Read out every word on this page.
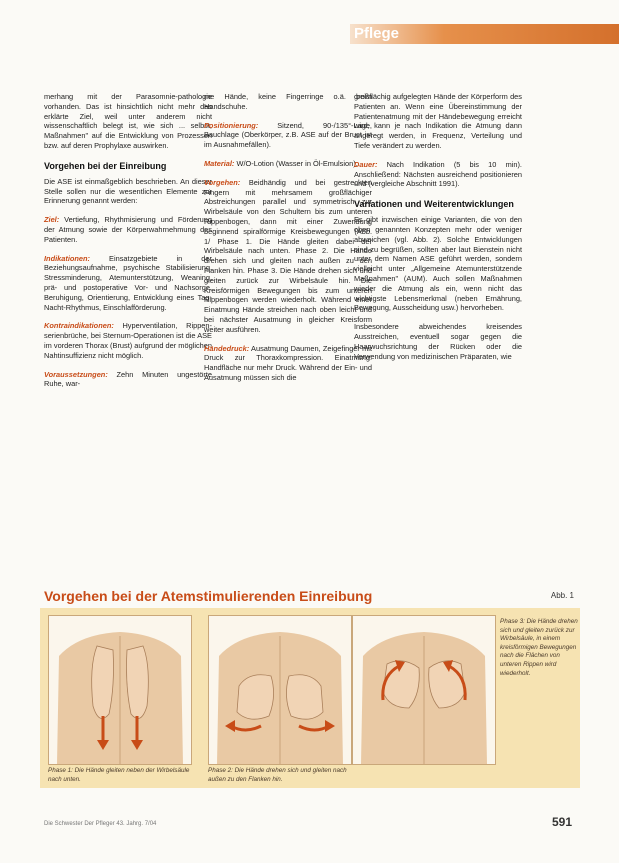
Pflege

merhang mit der Parasomnie-pathologie vorhanden. Das ist hinsichtlich nicht mehr das erklärte Ziel, weil unter anderem nicht wissenschaftlich belegt ist, wie sich ... selbst, Maßnahmen" auf die Entwicklung von Prozessen bzw. auf deren Prophylaxe auswirken.

Vorgehen bei der Einreibung

Die ASE ist einmaßgeblich beschrieben. An dieser Stelle sollen nur die wesentlichen Elemente zur Erinnerung genannt werden:

Ziel: Vertiefung, Rhythmisierung und Förderung der Atmung sowie der Körperwahrnehmung des Patienten.

Indikationen:	Einsatzgebiete in der Beziehungsaufnahme, psychische Stabilisierung, Stressminderung, Atemunterstützung, Weaning, prä- und postoperative Vor- und Nachsorge, Beruhigung, Orientierung, Entwicklung eines Tag-Nacht-Rhythmus, Einschlafförderung.

Kontraindikationen: Hyperventilation, Rippen-serienbrüche, bei Sternum-Operationen ist die ASE im vorderen Thorax (Brust) aufgrund der möglichen Nahtinsuffizienz nicht möglich.

Voraussetzungen: Zehn Minuten ungestörte Ruhe, war-

me Hände, keine Fingerringe o.ä. beim Handschuhe.

Positionierung:	Sitzend, 90-/135°-Lage, Bauchlage (Oberkörper, z.B. ASE auf der Brust ist im Ausnahmefällen).

Material: W/O-Lotion (Wasser in Öl-Emulsion).

Vorgehen: Beidhändig und bei gestreckten Fingern mit mehrsamem großflächiger Abstreichungen parallel und symmetrisch zur Wirbelsäule von den Schultern bis zum unteren Rippenbogen, dann mit einer Zuwendung beginnend spiralförmige Kreisbewegungen (Abb. 1/ Phase 1. Die Hände gleiten dabei der Wirbelsäule nach unten. Phase 2. Die Hände drehen sich und gleiten nach außen zu den Flanken hin. Phase 3. Die Hände drehen sich und gleiten zurück zur Wirbelsäule hin. Die Kreisförmigen Bewegungen bis zum unteren Rippenbogen werden wiederholt. Während einer Einatmung Hände streichen nach oben leicht und bei nächster Ausatmung in gleicher Kreisform weiter ausführen.

Händedruck: Ausatmung Daumen, Zeigefinger mit Druck zur Thoraxkompression. Einatmung: Handfläche nur mehr Druck. Während der Ein- und Ausatmung müssen sich die

großflächig aufgelegten Hände der Körperform des Patienten an. Wenn eine Übereinstimmung der Patientenatmung mit der Händebewegung erreicht wird, kann je nach Indikation die Atmung dann angeregt werden, in Frequenz, Verteilung und Tiefe verändert zu werden.

Dauer: Nach Indikation (5 bis 10 min). Anschließend: Nächsten ausreichend positionieren und (vergleiche Abschnitt 1991).

Variationen und Weiterentwicklungen

Es gibt inzwischen einige Varianten, die von den oben genannten Konzepten mehr oder weniger abweichen (vgl. Abb. 2). Solche Entwicklungen sind zu begrüßen, sollten aber laut Bienstein nicht unter dem Namen ASE geführt werden, sondern vielleicht unter „Allgemeine Atemunterstützende Maßnahmen" (AUM). Auch sollen Maßnahmen wieder die Atmung als ein, wenn nicht das wichtigste Lebensmerkmal (neben Ernährung, Bewegung, Ausscheidung usw.) hervorheben.

Insbesondere abweichendes kreisendes Ausstreichen, eventuell sogar gegen die Haarwuchsrichtung der Rücken oder die Verwendung von medizinischen Präparaten, wie

Vorgehen bei der Atemstimulierenden Einreibung	Abb. 1
Phase 1: Die Hände gleiten neben der Wirbelsäule nach unten.
Phase 2: Die Hände drehen sich und gleiten nach außen zu den Flanken hin.
Phase 3: Die Hände drehen sich und gleiten zurück zur Wirbelsäule, in einem kreisförmigen Bewegungen nach die Flächen von unteren Rippen wird wiederholt.
Die Schwester Der Pfleger 43. Jahrg. 7/04	591
